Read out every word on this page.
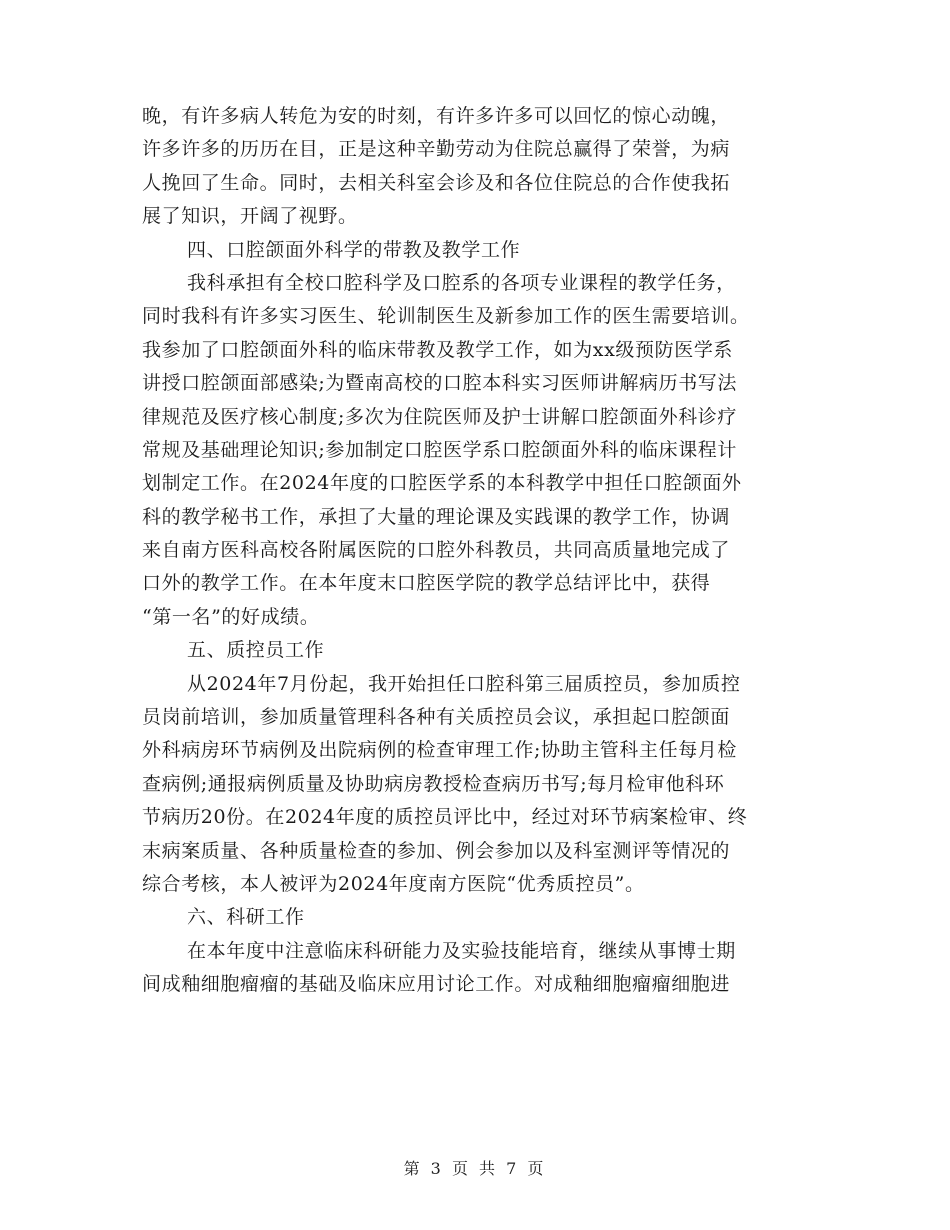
晚，有许多病人转危为安的时刻，有许多许多可以回忆的惊心动魄，
许多许多的历历在目，正是这种辛勤劳动为住院总赢得了荣誉，为病
人挽回了生命。同时，去相关科室会诊及和各位住院总的合作使我拓
展了知识，开阔了视野。
四、口腔颌面外科学的带教及教学工作
我科承担有全校口腔科学及口腔系的各项专业课程的教学任务，
同时我科有许多实习医生、轮训制医生及新参加工作的医生需要培训。
我参加了口腔颌面外科的临床带教及教学工作，如为xx级预防医学系
讲授口腔颌面部感染;为暨南高校的口腔本科实习医师讲解病历书写法
律规范及医疗核心制度;多次为住院医师及护士讲解口腔颌面外科诊疗
常规及基础理论知识;参加制定口腔医学系口腔颌面外科的临床课程计
划制定工作。在2024年度的口腔医学系的本科教学中担任口腔颌面外
科的教学秘书工作，承担了大量的理论课及实践课的教学工作，协调
来自南方医科高校各附属医院的口腔外科教员，共同高质量地完成了
口外的教学工作。在本年度末口腔医学院的教学总结评比中，获得
“第一名”的好成绩。
五、质控员工作
从2024年7月份起，我开始担任口腔科第三届质控员，参加质控
员岗前培训，参加质量管理科各种有关质控员会议，承担起口腔颌面
外科病房环节病例及出院病例的检查审理工作;协助主管科主任每月检
查病例;通报病例质量及协助病房教授检查病历书写;每月检审他科环
节病历20份。在2024年度的质控员评比中，经过对环节病案检审、终
末病案质量、各种质量检查的参加、例会参加以及科室测评等情况的
综合考核，本人被评为2024年度南方医院“优秀质控员”。
六、科研工作
在本年度中注意临床科研能力及实验技能培育，继续从事博士期
间成釉细胞瘤瘤的基础及临床应用讨论工作。对成釉细胞瘤瘤细胞进
第 3 页 共 7 页
